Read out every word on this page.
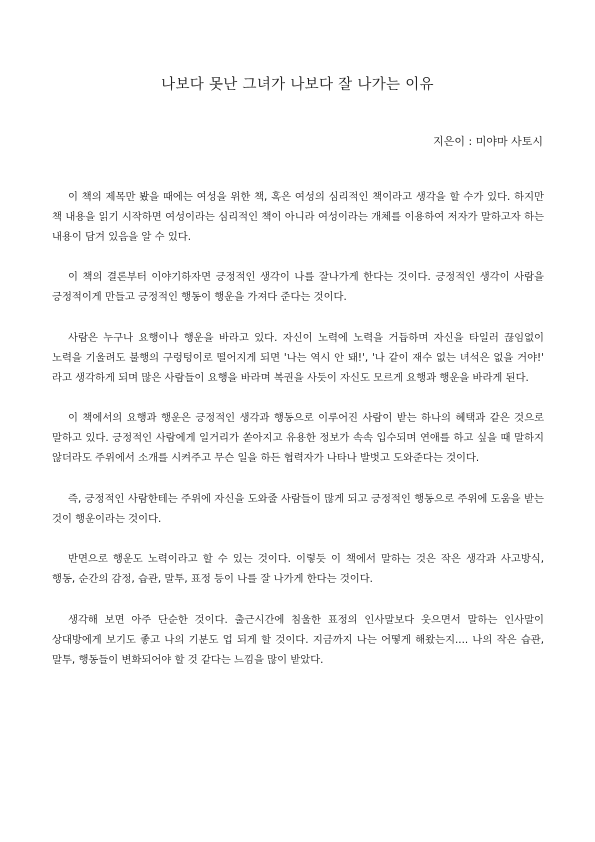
나보다 못난 그녀가 나보다 잘 나가는 이유
지은이 : 미야마 사토시

이 책의 제목만 봤을 때에는 여성을 위한 책, 혹은 여성의 심리적인 책이라고 생각을 할 수가 있다. 하지만 책 내용을 읽기 시작하면 여성이라는 심리적인 책이 아니라 여성이라는 개체를 이용하여 저자가 말하고자 하는 내용이 담겨 있음을 알 수 있다.

이 책의 결론부터 이야기하자면 긍정적인 생각이 나를 잘나가게 한다는 것이다. 긍정적인 생각이 사람을 긍정적이게 만들고 긍정적인 행동이 행운을 가져다 준다는 것이다.

사람은 누구나 요행이나 행운을 바라고 있다. 자신이 노력에 노력을 거듭하며 자신을 타일러 끊임없이 노력을 기울려도 불행의 구렁텅이로 떨어지게 되면 '나는 역시 안 돼!', '나 같이 재수 없는 녀석은 없을 거야!' 라고 생각하게 되며 많은 사람들이 요행을 바라며 복권을 사듯이 자신도 모르게 요행과 행운을 바라게 된다.

이 책에서의 요행과 행운은 긍정적인 생각과 행동으로 이루어진 사람이 받는 하나의 혜택과 같은 것으로 말하고 있다. 긍정적인 사람에게 일거리가 쏟아지고 유용한 정보가 속속 입수되며 연애를 하고 싶을 때 말하지 않더라도 주위에서 소개를 시켜주고 무슨 일을 하든 협력자가 나타나 발벗고 도와준다는 것이다.

즉, 긍정적인 사람한테는 주위에 자신을 도와줄 사람들이 많게 되고 긍정적인 행동으로 주위에 도움을 받는 것이 행운이라는 것이다.

반면으로 행운도 노력이라고 할 수 있는 것이다. 이렇듯 이 책에서 말하는 것은 작은 생각과 사고방식, 행동, 순간의 감정, 습관, 말투, 표정 등이 나를 잘 나가게 한다는 것이다.

생각해 보면 아주 단순한 것이다. 출근시간에 침울한 표정의 인사말보다 웃으면서 말하는 인사말이 상대방에게 보기도 좋고 나의 기분도 업 되게 할 것이다. 지금까지 나는 어떻게 해왔는지.... 나의 작은 습관, 말투, 행동들이 변화되어야 할 것 같다는 느낌을 많이 받았다.
